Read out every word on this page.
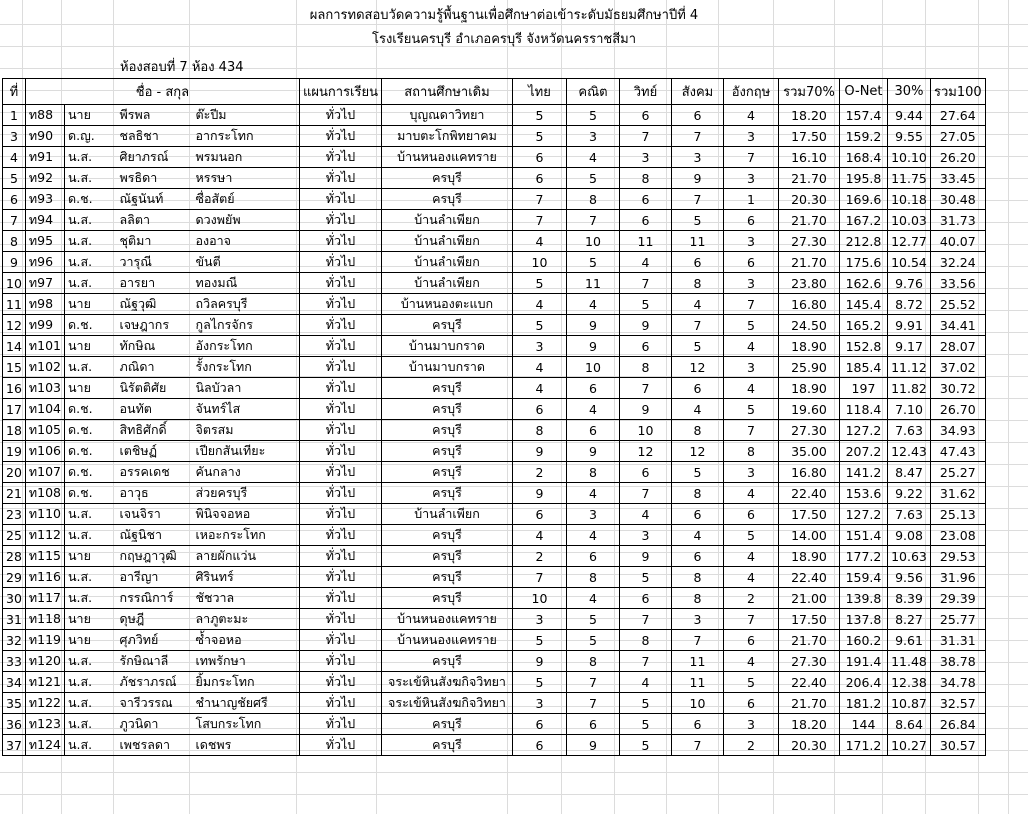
ผลการทดสอบวัดความรู้พื้นฐานเพื่อศึกษาต่อเข้าระดับมัธยมศึกษาปีที่ 4
โรงเรียนครบุรี อำเภอครบุรี จังหวัดนครราชสีมา
ห้องสอบที่ 7 ห้อง 434
ที่	ชื่อ - สกุล				แผนการเรียน	สถานศึกษาเดิม	ไทย	คณิต	วิทย์	สังคม	อังกฤษ	รวม70%	O-Net	30%	รวม100
1	ท88	นาย	พีรพล	ต๊ะปีม	ทั่วไป	บุญณดาวิทยา	5	5	6	6	4	18.20	157.4	9.44	27.64
3	ท90	ด.ญ.	ชลธิชา	อากระโทก	ทั่วไป	มาบตะโกพิทยาคม	5	3	7	7	3	17.50	159.2	9.55	27.05
4	ท91	น.ส.	ศิยาภรณ์	พรมนอก	ทั่วไป	บ้านหนองแคทราย	6	4	3	3	7	16.10	168.4	10.10	26.20
5	ท92	น.ส.	พรธิดา	หรรษา	ทั่วไป	ครบุรี	6	5	8	9	3	21.70	195.8	11.75	33.45
6	ท93	ด.ช.	ณัฐนันท์	ซื่อสัตย์	ทั่วไป	ครบุรี	7	8	6	7	1	20.30	169.6	10.18	30.48
7	ท94	น.ส.	ลลิตา	ดวงพยัพ	ทั่วไป	บ้านลำเพียก	7	7	6	5	6	21.70	167.2	10.03	31.73
8	ท95	น.ส.	ชุติมา	องอาจ	ทั่วไป	บ้านลำเพียก	4	10	11	11	3	27.30	212.8	12.77	40.07
9	ท96	น.ส.	วารุณี	ขันตี	ทั่วไป	บ้านลำเพียก	10	5	4	6	6	21.70	175.6	10.54	32.24
10	ท97	น.ส.	อารยา	ทองมณี	ทั่วไป	บ้านลำเพียก	5	11	7	8	3	23.80	162.6	9.76	33.56
11	ท98	นาย	ณัฐวุฒิ	ถวิลครบุรี	ทั่วไป	บ้านหนองตะแบก	4	4	5	4	7	16.80	145.4	8.72	25.52
12	ท99	ด.ช.	เจษฎากร	กูลไกรจักร	ทั่วไป	ครบุรี	5	9	9	7	5	24.50	165.2	9.91	34.41
14	ท101	นาย	ทักษิณ	อังกระโทก	ทั่วไป	บ้านมาบกราด	3	9	6	5	4	18.90	152.8	9.17	28.07
15	ท102	น.ส.	ภณิดา	รั้งกระโทก	ทั่วไป	บ้านมาบกราด	4	10	8	12	3	25.90	185.4	11.12	37.02
16	ท103	นาย	นิรัตติศัย	นิลบัวลา	ทั่วไป	ครบุรี	4	6	7	6	4	18.90	197	11.82	30.72
17	ท104	ด.ช.	อนทัต	จันทร์ไส	ทั่วไป	ครบุรี	6	4	9	4	5	19.60	118.4	7.10	26.70
18	ท105	ด.ช.	สิทธิศักดิ์	จิตรสม	ทั่วไป	ครบุรี	8	6	10	8	7	27.30	127.2	7.63	34.93
19	ท106	ด.ช.	เตชิษฏ์	เปียกสันเทียะ	ทั่วไป	ครบุรี	9	9	12	12	8	35.00	207.2	12.43	47.43
20	ท107	ด.ช.	อรรคเดช	คันกลาง	ทั่วไป	ครบุรี	2	8	6	5	3	16.80	141.2	8.47	25.27
21	ท108	ด.ช.	อาวุธ	ส่วยครบุรี	ทั่วไป	ครบุรี	9	4	7	8	4	22.40	153.6	9.22	31.62
23	ท110	น.ส.	เจนจิรา	พินิจจอหอ	ทั่วไป	บ้านลำเพียก	6	3	4	6	6	17.50	127.2	7.63	25.13
25	ท112	น.ส.	ณัฐนิชา	เหอะกระโทก	ทั่วไป	ครบุรี	4	4	3	4	5	14.00	151.4	9.08	23.08
28	ท115	นาย	กฤษฎาวุฒิ	ลายผักแว่น	ทั่วไป	ครบุรี	2	6	9	6	4	18.90	177.2	10.63	29.53
29	ท116	น.ส.	อารีญา	ศิรินทร์	ทั่วไป	ครบุรี	7	8	5	8	4	22.40	159.4	9.56	31.96
30	ท117	น.ส.	กรรณิการ์	ชัชวาล	ทั่วไป	ครบุรี	10	4	6	8	2	21.00	139.8	8.39	29.39
31	ท118	นาย	ดุษฎี	ลาภูตะมะ	ทั่วไป	บ้านหนองแคทราย	3	5	7	3	7	17.50	137.8	8.27	25.77
32	ท119	นาย	ศุภวิทย์	ซ้ำจอหอ	ทั่วไป	บ้านหนองแคทราย	5	5	8	7	6	21.70	160.2	9.61	31.31
33	ท120	น.ส.	รักษิณาลี	เทพรักษา	ทั่วไป	ครบุรี	9	8	7	11	4	27.30	191.4	11.48	38.78
34	ท121	น.ส.	ภัชราภรณ์	ยิ้มกระโทก	ทั่วไป	จระเข้หินสังฆกิจวิทยา	5	7	4	11	5	22.40	206.4	12.38	34.78
35	ท122	น.ส.	จารีวรรณ	ชำนาญชัยศรี	ทั่วไป	จระเข้หินสังฆกิจวิทยา	3	7	5	10	6	21.70	181.2	10.87	32.57
36	ท123	น.ส.	ภูวนิดา	โสบกระโทก	ทั่วไป	ครบุรี	6	6	5	6	3	18.20	144	8.64	26.84
37	ท124	น.ส.	เพชรลดา	เดชพร	ทั่วไป	ครบุรี	6	9	5	7	2	20.30	171.2	10.27	30.57
